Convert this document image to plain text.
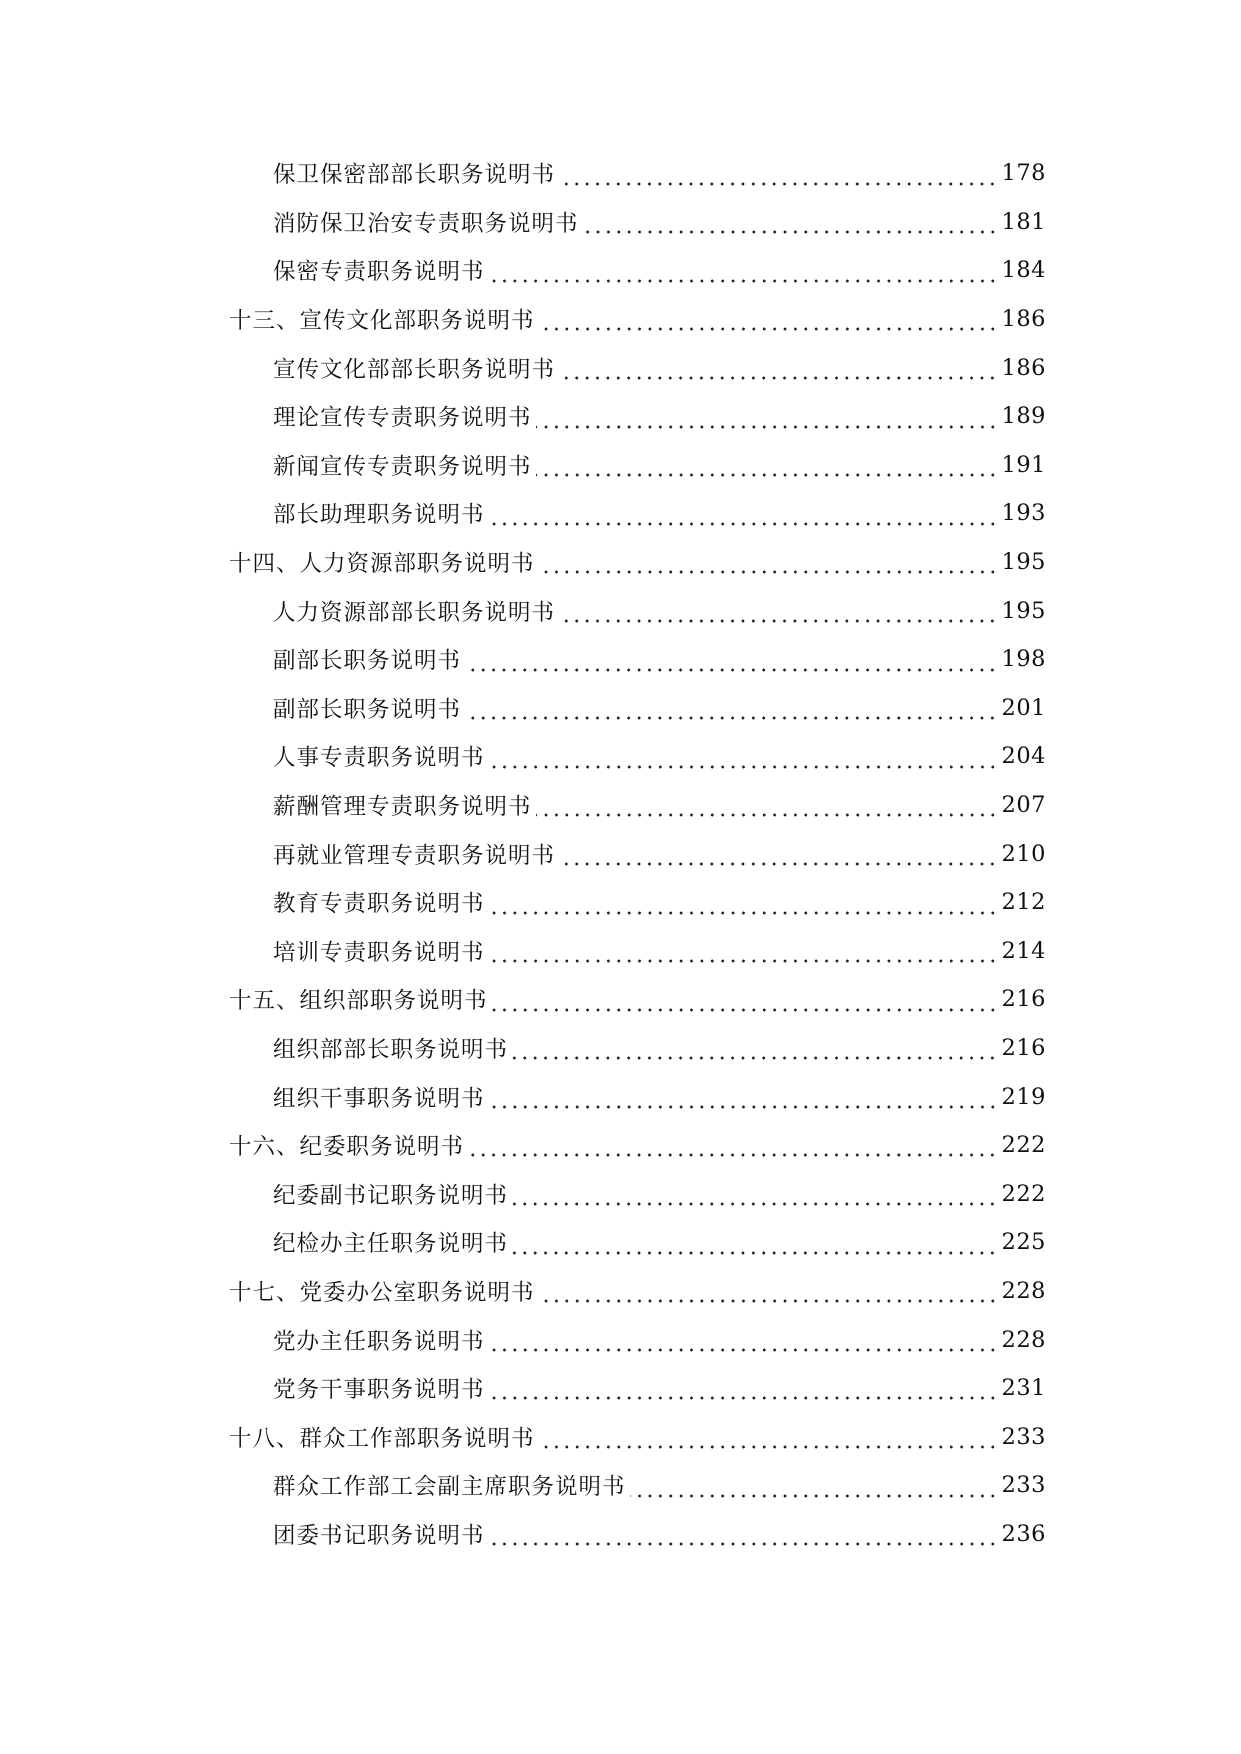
保卫保密部部长职务说明书	178
消防保卫治安专责职务说明书	181
保密专责职务说明书	184
十三、宣传文化部职务说明书	186
宣传文化部部长职务说明书	186
理论宣传专责职务说明书	189
新闻宣传专责职务说明书	191
部长助理职务说明书	193
十四、人力资源部职务说明书	195
人力资源部部长职务说明书	195
副部长职务说明书	198
副部长职务说明书	201
人事专责职务说明书	204
薪酬管理专责职务说明书	207
再就业管理专责职务说明书	210
教育专责职务说明书	212
培训专责职务说明书	214
十五、组织部职务说明书	216
组织部部长职务说明书	216
组织干事职务说明书	219
十六、纪委职务说明书	222
纪委副书记职务说明书	222
纪检办主任职务说明书	225
十七、党委办公室职务说明书	228
党办主任职务说明书	228
党务干事职务说明书	231
十八、群众工作部职务说明书	233
群众工作部工会副主席职务说明书	233
团委书记职务说明书	236
